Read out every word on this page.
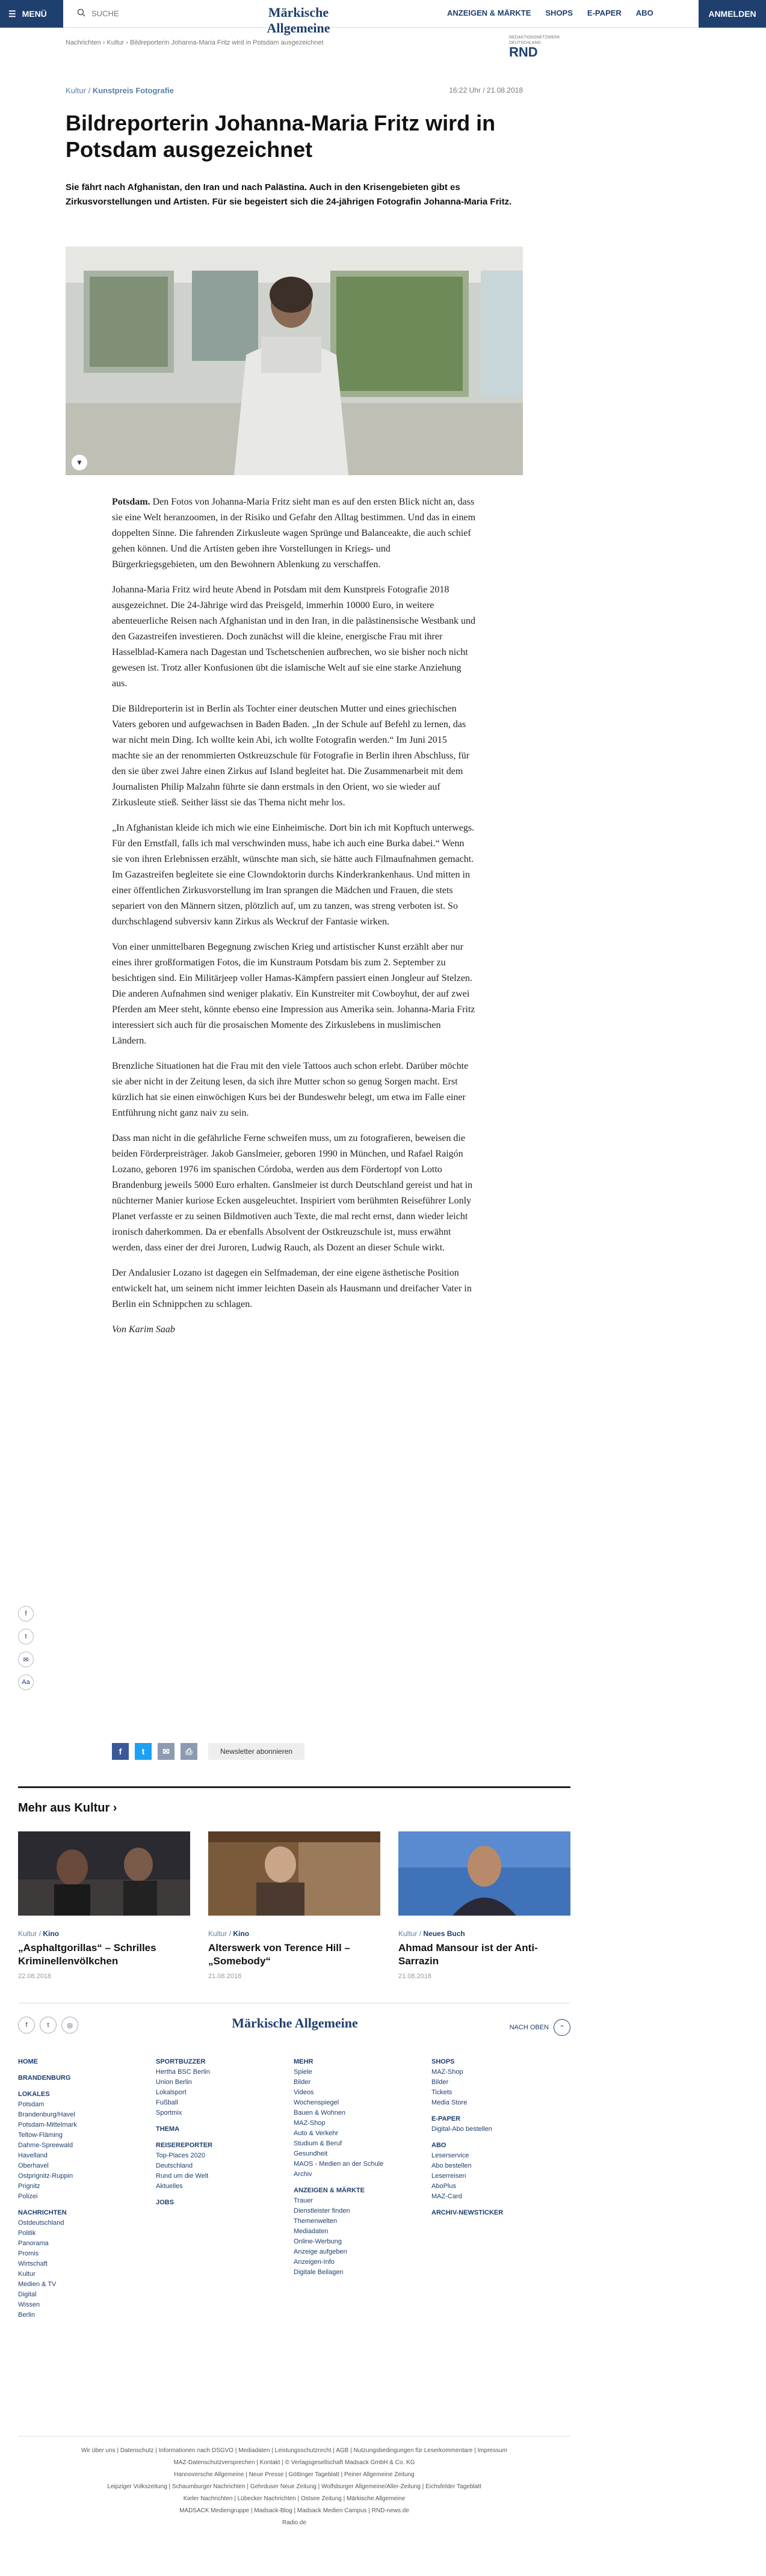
☰ MENÜ	SUCHE	Märkische Allgemeine
ANZEIGEN & MÄRKTE SHOPS E-PAPER ABO	ANMELDEN
Nachrichten › Kultur › Bildreporterin Johanna-Maria Fritz wird in Potsdam ausgezeichnet
REDAKTIONSNETZWERK DEUTSCHLAND
RND
Kultur / Kunstpreis Fotografie	16:22 Uhr / 21.08.2018
Bildreporterin Johanna-Maria Fritz wird in Potsdam ausgezeichnet
Sie fährt nach Afghanistan, den Iran und nach Palästina. Auch in den Krisengebieten gibt es Zirkusvorstellungen und Artisten. Für sie begeistert sich die 24-jährigen Fotografin Johanna-Maria Fritz.
▼
f
t
✉
Aa

Potsdam. Den Fotos von Johanna-Maria Fritz sieht man es auf den ersten Blick nicht an, dass sie eine Welt heranzoomen, in der Risiko und Gefahr den Alltag bestimmen. Und das in einem doppelten Sinne. Die fahrenden Zirkusleute wagen Sprünge und Balanceakte, die auch schief gehen können. Und die Artisten geben ihre Vorstellungen in Kriegs- und Bürgerkriegsgebieten, um den Bewohnern Ablenkung zu verschaffen.

Johanna-Maria Fritz wird heute Abend in Potsdam mit dem Kunstpreis Fotografie 2018 ausgezeichnet. Die 24-Jährige wird das Preisgeld, immerhin 10000 Euro, in weitere abenteuerliche Reisen nach Afghanistan und in den Iran, in die palästinensische Westbank und den Gazastreifen investieren. Doch zunächst will die kleine, energische Frau mit ihrer Hasselblad-Kamera nach Dagestan und Tschetschenien aufbrechen, wo sie bisher noch nicht gewesen ist. Trotz aller Konfusionen übt die islamische Welt auf sie eine starke Anziehung aus.

Die Bildreporterin ist in Berlin als Tochter einer deutschen Mutter und eines griechischen Vaters geboren und aufgewachsen in Baden Baden. „In der Schule auf Befehl zu lernen, das war nicht mein Ding. Ich wollte kein Abi, ich wollte Fotografin werden.“ Im Juni 2015 machte sie an der renommierten Ostkreuzschule für Fotografie in Berlin ihren Abschluss, für den sie über zwei Jahre einen Zirkus auf Island begleitet hat. Die Zusammenarbeit mit dem Journalisten Philip Malzahn führte sie dann erstmals in den Orient, wo sie wieder auf Zirkusleute stieß. Seither lässt sie das Thema nicht mehr los.

„In Afghanistan kleide ich mich wie eine Einheimische. Dort bin ich mit Kopftuch unterwegs. Für den Ernstfall, falls ich mal verschwinden muss, habe ich auch eine Burka dabei.“ Wenn sie von ihren Erlebnissen erzählt, wünschte man sich, sie hätte auch Filmaufnahmen gemacht. Im Gazastreifen begleitete sie eine Clowndoktorin durchs Kinderkrankenhaus. Und mitten in einer öffentlichen Zirkusvorstellung im Iran sprangen die Mädchen und Frauen, die stets separiert von den Männern sitzen, plötzlich auf, um zu tanzen, was streng verboten ist. So durchschlagend subversiv kann Zirkus als Weckruf der Fantasie wirken.

Von einer unmittelbaren Begegnung zwischen Krieg und artistischer Kunst erzählt aber nur eines ihrer großformatigen Fotos, die im Kunstraum Potsdam bis zum 2. September zu besichtigen sind. Ein Militärjeep voller Hamas-Kämpfern passiert einen Jongleur auf Stelzen. Die anderen Aufnahmen sind weniger plakativ. Ein Kunstreiter mit Cowboyhut, der auf zwei Pferden am Meer steht, könnte ebenso eine Impression aus Amerika sein. Johanna-Maria Fritz interessiert sich auch für die prosaischen Momente des Zirkuslebens in muslimischen Ländern.

Brenzliche Situationen hat die Frau mit den viele Tattoos auch schon erlebt. Darüber möchte sie aber nicht in der Zeitung lesen, da sich ihre Mutter schon so genug Sorgen macht. Erst kürzlich hat sie einen einwöchigen Kurs bei der Bundeswehr belegt, um etwa im Falle einer Entführung nicht ganz naiv zu sein.

Dass man nicht in die gefährliche Ferne schweifen muss, um zu fotografieren, beweisen die beiden Förderpreisträger. Jakob Ganslmeier, geboren 1990 in München, und Rafael Raigón Lozano, geboren 1976 im spanischen Córdoba, werden aus dem Fördertopf von Lotto Brandenburg jeweils 5000 Euro erhalten. Ganslmeier ist durch Deutschland gereist und hat in nüchterner Manier kuriose Ecken ausgeleuchtet. Inspiriert vom berühmten Reiseführer Lonly Planet verfasste er zu seinen Bildmotiven auch Texte, die mal recht ernst, dann wieder leicht ironisch daherkommen. Da er ebenfalls Absolvent der Ostkreuzschule ist, muss erwähnt werden, dass einer der drei Juroren, Ludwig Rauch, als Dozent an dieser Schule wirkt.

Der Andalusier Lozano ist dagegen ein Selfmademan, der eine eigene ästhetische Position entwickelt hat, um seinem nicht immer leichten Dasein als Hausmann und dreifacher Vater in Berlin ein Schnippchen zu schlagen.

Von Karim Saab

f	t	✉	⎙	Newsletter abonnieren
Mehr aus Kultur ›
Kultur / Kino
„Asphaltgorillas“ – Schrilles Kriminellenvölkchen
22.08.2018
Kultur / Kino
Alterswerk von Terence Hill – „Somebody“
21.08.2018
Kultur / Neues Buch
Ahmad Mansour ist der Anti-Sarrazin
21.08.2018
f	t	◎	Märkische Allgemeine	NACH OBEN	⌃
HOME
BRANDENBURG
LOKALES
Potsdam
Brandenburg/Havel
Potsdam-Mittelmark
Teltow-Fläming
Dahme-Spreewald
Havelland
Oberhavel
Ostprignitz-Ruppin
Prignitz
Polizei
NACHRICHTEN
Ostdeutschland
Politik
Panorama
Promis
Wirtschaft
Kultur
Medien & TV
Digital
Wissen
Berlin
SPORTBUZZER
Hertha BSC Berlin
Union Berlin
Lokalsport
Fußball
Sportmix
THEMA
REISEREPORTER
Top-Places 2020
Deutschland
Rund um die Welt
Aktuelles
JOBS
MEHR
Spiele
Bilder
Videos
Wochenspiegel
Bauen & Wohnen
MAZ-Shop
Auto & Verkehr
Studium & Beruf
Gesundheit
MAOS - Medien an der Schule
Archiv
ANZEIGEN & MÄRKTE
Trauer
Dienstleister finden
Themenwelten
Mediadaten
Online-Werbung
Anzeige aufgeben
Anzeigen-Info
Digitale Beilagen
SHOPS
MAZ-Shop
Bilder
Tickets
Media Store
E-PAPER
Digital-Abo bestellen
ABO
Leserservice
Abo bestellen
Leserreisen
AboPlus
MAZ-Card
ARCHIV-NEWSTICKER
Wir über uns | Datenschutz | Informationen nach DSGVO | Mediadaten | Leistungsschutzrecht | AGB | Nutzungsbedingungen für Leserkommentare | Impressum
MAZ-Datenschutzversprechen | Kontakt | © Verlagsgesellschaft Madsack GmbH & Co. KG
Hannoversche Allgemeine | Neue Presse | Göttinger Tageblatt | Peiner Allgemeine Zeitung
Leipziger Volkszeitung | Schaumburger Nachrichten | Gehrduser Neue Zeitung | Wolfsburger Allgemeine/Aller-Zeitung | Eichsfelder Tageblatt
Kieler Nachrichten | Lübecker Nachrichten | Ostsee Zeitung | Märkische Allgemeine
MADSACK Mediengruppe | Madsack-Blog | Madsack Medien Campus | RND-news.de
Radio.de
